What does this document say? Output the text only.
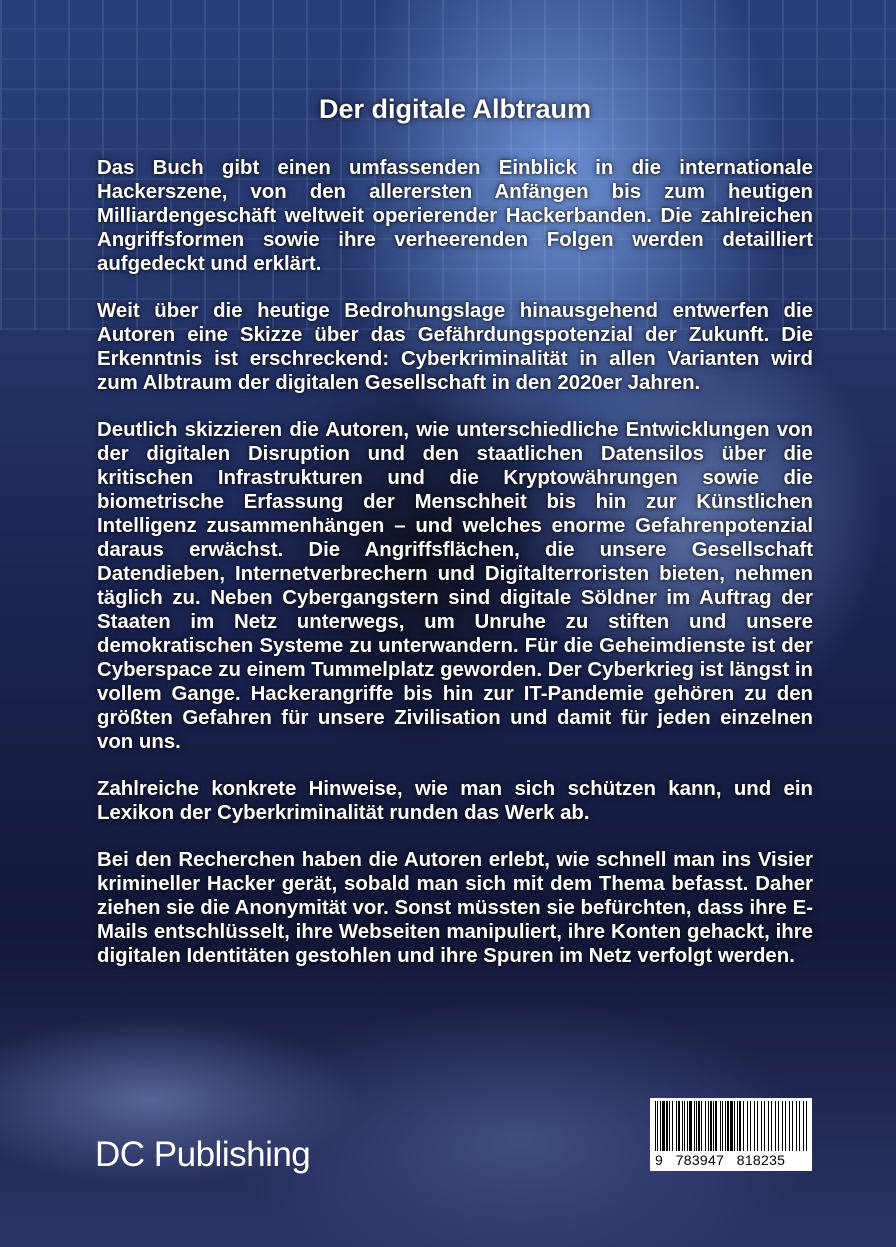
Der digitale Albtraum

Das Buch gibt einen umfassenden Einblick in die internationale Hackerszene, von den allerersten Anfängen bis zum heutigen Milliardengeschäft weltweit operierender Hackerbanden. Die zahlreichen Angriffsformen sowie ihre verheerenden Folgen werden detailliert aufgedeckt und erklärt.

Weit über die heutige Bedrohungslage hinausgehend entwerfen die Autoren eine Skizze über das Gefährdungspotenzial der Zukunft. Die Erkenntnis ist erschreckend: Cyberkriminalität in allen Varianten wird zum Albtraum der digitalen Gesellschaft in den 2020er Jahren.

Deutlich skizzieren die Autoren, wie unterschiedliche Entwicklungen von der digitalen Disruption und den staatlichen Datensilos über die kritischen Infrastrukturen und die Kryptowährungen sowie die biometrische Erfassung der Menschheit bis hin zur Künstlichen Intelligenz zusammenhängen – und welches enorme Gefahrenpotenzial daraus erwächst. Die Angriffsflächen, die unsere Gesellschaft Datendieben, Internetverbrechern und Digitalterroristen bieten, nehmen täglich zu. Neben Cybergangstern sind digitale Söldner im Auftrag der Staaten im Netz unterwegs, um Unruhe zu stiften und unsere demokratischen Systeme zu unterwandern. Für die Geheimdienste ist der Cyberspace zu einem Tummelplatz geworden. Der Cyberkrieg ist längst in vollem Gange. Hackerangriffe bis hin zur IT-Pandemie gehören zu den größten Gefahren für unsere Zivilisation und damit für jeden einzelnen von uns.

Zahlreiche konkrete Hinweise, wie man sich schützen kann, und ein Lexikon der Cyberkriminalität runden das Werk ab.

Bei den Recherchen haben die Autoren erlebt, wie schnell man ins Visier krimineller Hacker gerät, sobald man sich mit dem Thema befasst. Daher ziehen sie die Anonymität vor. Sonst müssten sie befürchten, dass ihre E-Mails entschlüsselt, ihre Webseiten manipuliert, ihre Konten gehackt, ihre digitalen Identitäten gestohlen und ihre Spuren im Netz verfolgt werden.

DC Publishing	9   783947   818235
